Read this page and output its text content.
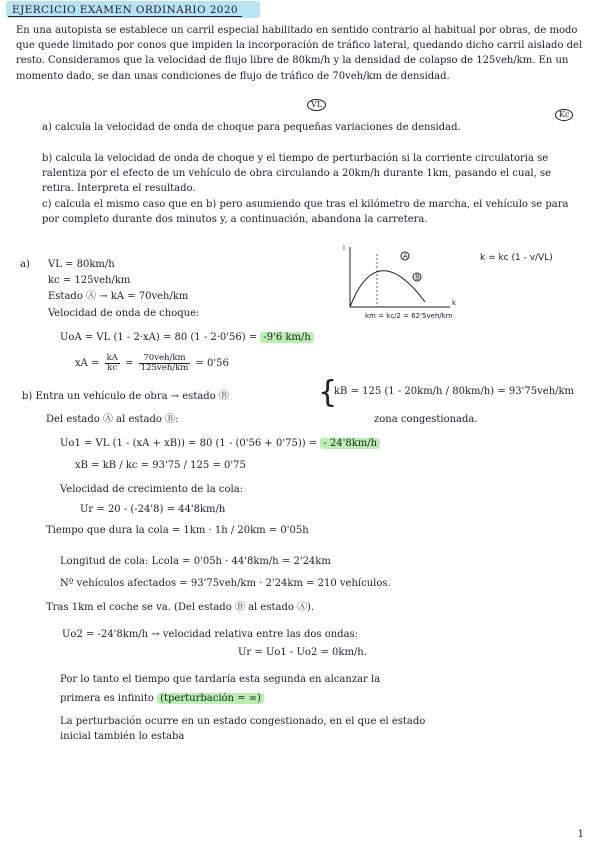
EJERCICIO EXAMEN ORDINARIO 2020
En una autopista se establece un carril especial habilitado en sentido contrario al habitual por obras, de modo que quede limitado por conos que impiden la incorporación de tráfico lateral, quedando dicho carril aislado del resto. Consideramos que la velocidad de flujo libre de 80km/h y la densidad de colapso de 125veh/km. En un momento dado, se dan unas condiciones de flujo de tráfico de 70veh/km de densidad.
VL
Kc
a) calcula la velocidad de onda de choque para pequeñas variaciones de densidad.
b) calcula la velocidad de onda de choque y el tiempo de perturbación si la corriente circulatoria se ralentiza por el efecto de un vehículo de obra circulando a 20km/h durante 1km, pasando el cual, se retira. Interpreta el resultado.
c) calcula el mismo caso que en b) pero asumiendo que tras el kilómetro de marcha, el vehículo se para por completo durante dos minutos y, a continuación, abandona la carretera.
a) VL = 80km/h
kc = 125veh/km
Estado Ⓐ → kA = 70veh/km
Velocidad de onda de choque:
UoA = VL (1 - 2·xA) = 80 (1 - 2·0'56) = -9'6 km/h
xA = $\frac{kA}{kc} = \frac{\text{70veh/km}}{\text{125veh/km}} = 0'56$
A
B
i
k
k = kc (1 - v/VL)
km = kc/2 = 62'5veh/km
b) Entra un vehículo de obra → estado Ⓑ	{
kB = 125 (1 - 20km/h / 80km/h) = 93'75veh/km
Del estado Ⓐ al estado Ⓑ:	zona congestionada.
Uo1 = VL (1 - (xA + xB)) = 80 (1 - (0'56 + 0'75)) = - 24'8km/h
xB = kB / kc = 93'75 / 125 = 0'75
Velocidad de crecimiento de la cola:
Ur = 20 - (-24'8) = 44'8km/h
Tiempo que dura la cola = 1km · 1h / 20km = 0'05h
Longitud de cola: Lcola = 0'05h · 44'8km/h = 2'24km
Nº vehículos afectados = 93'75veh/km · 2'24km = 210 vehículos.
Tras 1km el coche se va. (Del estado Ⓑ al estado Ⓐ).
Uo2 = -24'8km/h → velocidad relativa entre las dos ondas:
Ur = Uo1 - Uo2 = 0km/h.
Por lo tanto el tiempo que tardaría esta segunda en alcanzar la
primera es infinito (tperturbación = ∞)
La perturbación ocurre en un estado congestionado, en el que el estado
inicial también lo estaba
1
